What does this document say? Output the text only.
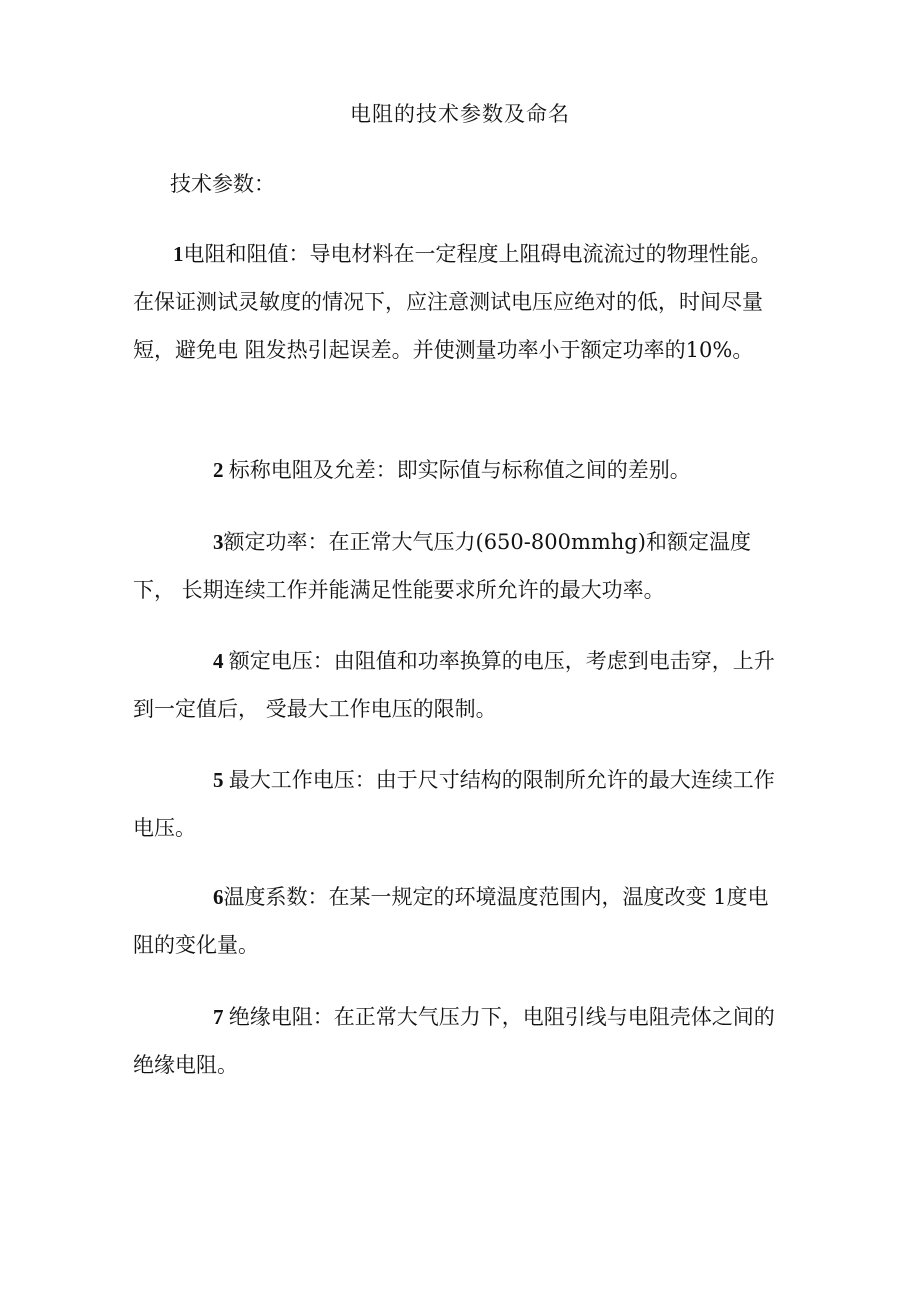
电阻的技术参数及命名
技术参数：

1电阻和阻值：导电材料在一定程度上阻碍电流流过的物理性能。 在保证测试灵敏度的情况下，应注意测试电压应绝对的低，时间尽量短，避免电 阻发热引起误差。并使测量功率小于额定功率的10%。

2 标称电阻及允差：即实际值与标称值之间的差别。

3额定功率：在正常大气压力(650-800mmhg)和额定温度下， 长期连续工作并能满足性能要求所允许的最大功率。

4 额定电压：由阻值和功率换算的电压，考虑到电击穿，上升到一定值后， 受最大工作电压的限制。

5 最大工作电压：由于尺寸结构的限制所允许的最大连续工作电压。

6温度系数：在某一规定的环境温度范围内，温度改变 1度电阻的变化量。

7 绝缘电阻：在正常大气压力下，电阻引线与电阻壳体之间的绝缘电阻。
